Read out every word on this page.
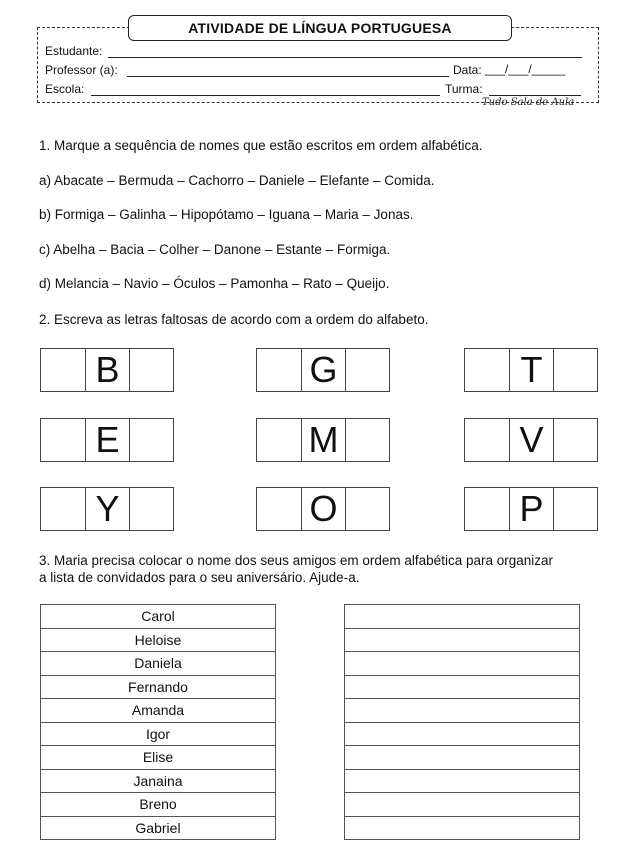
ATIVIDADE DE LÍNGUA PORTUGUESA
Estudante:
Professor (a):	Data: ___/___/_____
Escola:	Turma:
Tudo Sala de Aula
1. Marque a sequência de nomes que estão escritos em ordem alfabética.
a) Abacate – Bermuda – Cachorro – Daniele – Elefante – Comida.
b) Formiga – Galinha – Hipopótamo – Iguana – Maria – Jonas.
c) Abelha – Bacia – Colher – Danone – Estante – Formiga.
d) Melancia – Navio – Óculos – Pamonha – Rato – Queijo.
2. Escreva as letras faltosas de acordo com a ordem do alfabeto.
B	G	T
E	M	V
Y	O	P
3. Maria precisa colocar o nome dos seus amigos em ordem alfabética para organizar
a lista de convidados para o seu aniversário. Ajude-a.
Carol
Heloise
Daniela
Fernando
Amanda
Igor
Elise
Janaina
Breno
Gabriel
